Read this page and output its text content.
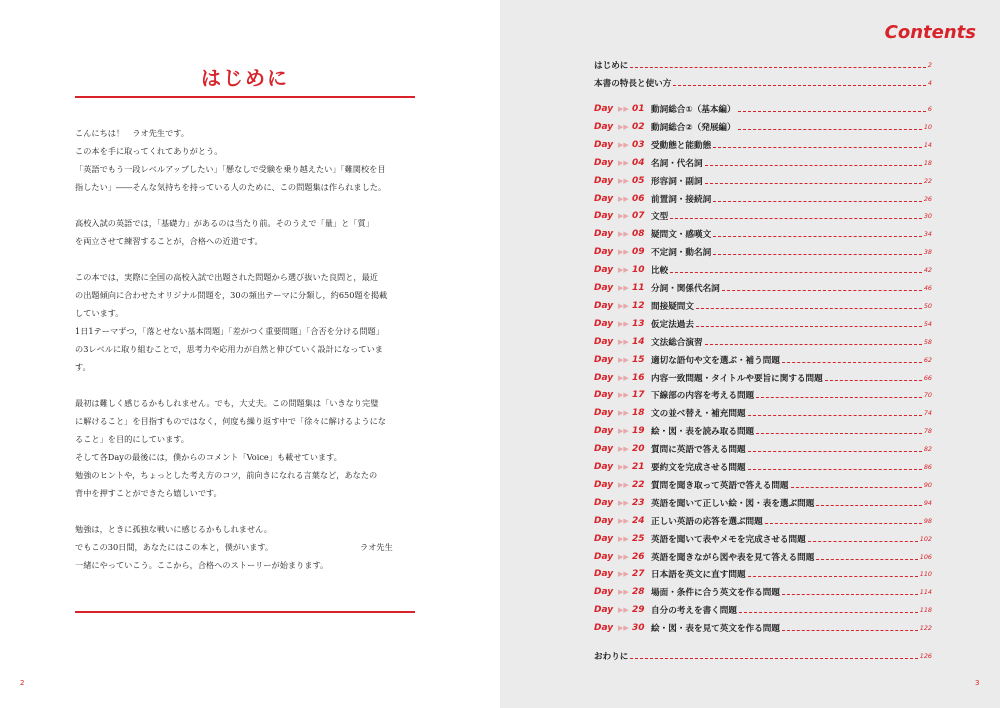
はじめに

こんにちは！　ラオ先生です。
この本を手に取ってくれてありがとう。
「英語でもう一段レベルアップしたい」「懸なしで受験を乗り越えたい」「難関校を目
指したい」――そんな気持ちを持っている人のために、この問題集は作られました。

高校入試の英語では，「基礎力」があるのは当たり前。そのうえで「量」と「質」
を両立させて練習することが，合格への近道です。

この本では，実際に全国の高校入試で出題された問題から選び抜いた良問と，最近
の出題傾向に合わせたオリジナル問題を，30の頻出テーマに分類し，約650題を掲載
しています。
1日1テーマずつ，「落とせない基本問題」「差がつく重要問題」「合否を分ける問題」
の3レベルに取り組むことで，思考力や応用力が自然と伸びていく設計になっていま
す。

最初は難しく感じるかもしれません。でも，大丈夫。この問題集は「いきなり完璧
に解けること」を目指すものではなく，何度も繰り返す中で「徐々に解けるようにな
ること」を目的にしています。
そして各Dayの最後には，僕からのコメント「Voice」も載せています。
勉強のヒントや，ちょっとした考え方のコツ，前向きになれる言葉など，あなたの
背中を押すことができたら嬉しいです。

勉強は，ときに孤独な戦いに感じるかもしれません。
でもこの30日間，あなたにはこの本と，僕がいます。
一緒にやっていこう。ここから，合格へのストーリーが始まります。

ラオ先生
2
Contents
はじめに	2
本書の特長と使い方	4
Day ▶▶ 01 動詞総合①（基本編）	6
Day ▶▶ 02 動詞総合②（発展編）	10
Day ▶▶ 03 受動態と能動態	14
Day ▶▶ 04 名詞・代名詞	18
Day ▶▶ 05 形容詞・副詞	22
Day ▶▶ 06 前置詞・接続詞	26
Day ▶▶ 07 文型	30
Day ▶▶ 08 疑問文・感嘆文	34
Day ▶▶ 09 不定詞・動名詞	38
Day ▶▶ 10 比較	42
Day ▶▶ 11 分詞・関係代名詞	46
Day ▶▶ 12 間接疑問文	50
Day ▶▶ 13 仮定法過去	54
Day ▶▶ 14 文法総合演習	58
Day ▶▶ 15 適切な語句や文を選ぶ・補う問題	62
Day ▶▶ 16 内容一致問題・タイトルや要旨に関する問題	66
Day ▶▶ 17 下線部の内容を考える問題	70
Day ▶▶ 18 文の並べ替え・補充問題	74
Day ▶▶ 19 絵・図・表を読み取る問題	78
Day ▶▶ 20 質問に英語で答える問題	82
Day ▶▶ 21 要約文を完成させる問題	86
Day ▶▶ 22 質問を聞き取って英語で答える問題	90
Day ▶▶ 23 英語を聞いて正しい絵・図・表を選ぶ問題	94
Day ▶▶ 24 正しい英語の応答を選ぶ問題	98
Day ▶▶ 25 英語を聞いて表やメモを完成させる問題	102
Day ▶▶ 26 英語を聞きながら図や表を見て答える問題	106
Day ▶▶ 27 日本語を英文に直す問題	110
Day ▶▶ 28 場面・条件に合う英文を作る問題	114
Day ▶▶ 29 自分の考えを書く問題	118
Day ▶▶ 30 絵・図・表を見て英文を作る問題	122
おわりに	126
3
